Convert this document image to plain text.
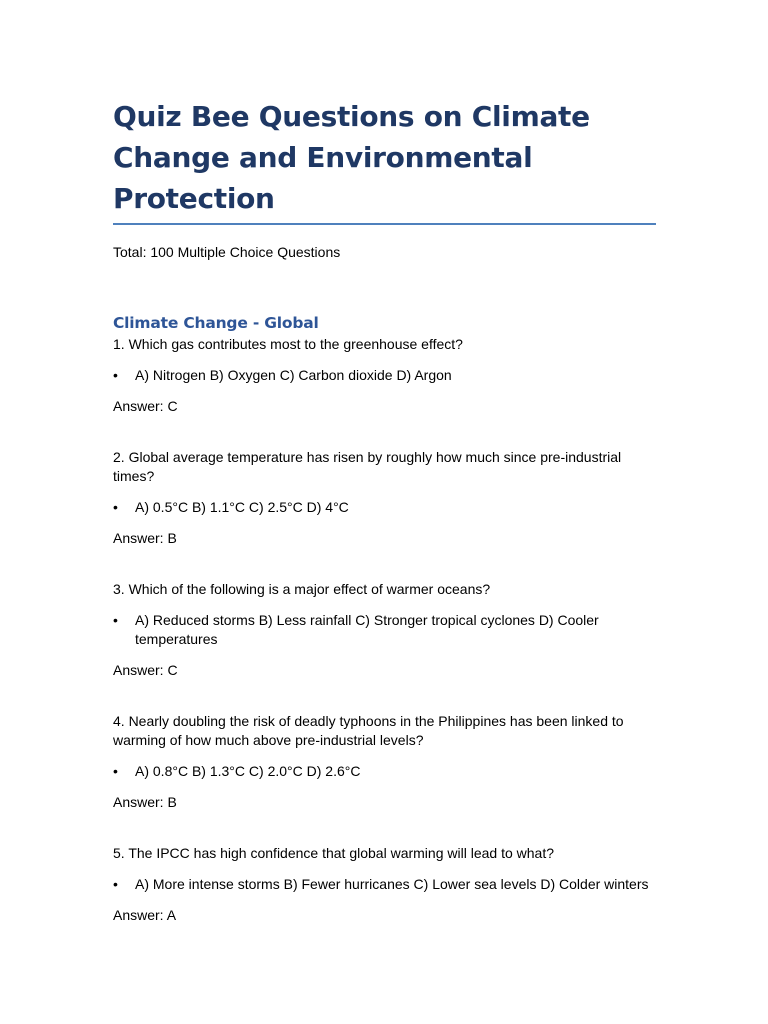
Quiz Bee Questions on Climate Change and Environmental Protection

Total: 100 Multiple Choice Questions

Climate Change - Global

1. Which gas contributes most to the greenhouse effect?

• A) Nitrogen B) Oxygen C) Carbon dioxide D) Argon

Answer: C

2. Global average temperature has risen by roughly how much since pre-industrial times?

• A) 0.5°C B) 1.1°C C) 2.5°C D) 4°C

Answer: B

3. Which of the following is a major effect of warmer oceans?

• A) Reduced storms B) Less rainfall C) Stronger tropical cyclones D) Cooler temperatures

Answer: C

4. Nearly doubling the risk of deadly typhoons in the Philippines has been linked to warming of how much above pre-industrial levels?

• A) 0.8°C B) 1.3°C C) 2.0°C D) 2.6°C

Answer: B

5. The IPCC has high confidence that global warming will lead to what?

• A) More intense storms B) Fewer hurricanes C) Lower sea levels D) Colder winters

Answer: A
